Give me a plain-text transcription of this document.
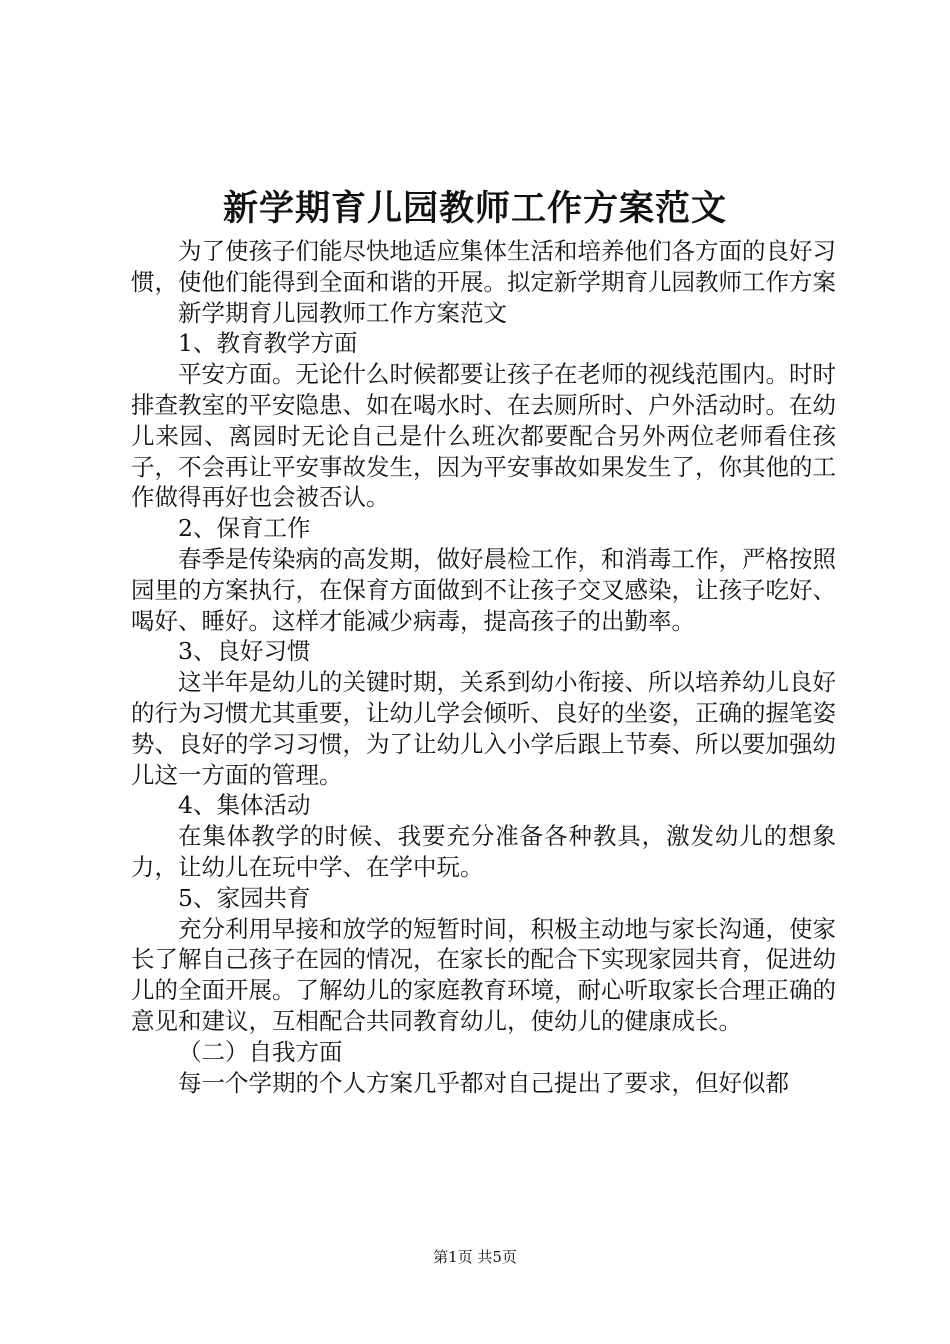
新学期育儿园教师工作方案范文

为了使孩子们能尽快地适应集体生活和培养他们各方面的良好习惯，使他们能得到全面和谐的开展。拟定新学期育儿园教师工作方案

新学期育儿园教师工作方案范文

1、教育教学方面

平安方面。无论什么时候都要让孩子在老师的视线范围内。时时排查教室的平安隐患、如在喝水时、在去厕所时、户外活动时。在幼儿来园、离园时无论自己是什么班次都要配合另外两位老师看住孩子，不会再让平安事故发生，因为平安事故如果发生了，你其他的工作做得再好也会被否认。

2、保育工作

春季是传染病的高发期，做好晨检工作，和消毒工作，严格按照园里的方案执行，在保育方面做到不让孩子交叉感染，让孩子吃好、喝好、睡好。这样才能减少病毒，提高孩子的出勤率。

3、良好习惯

这半年是幼儿的关键时期，关系到幼小衔接、所以培养幼儿良好的行为习惯尤其重要，让幼儿学会倾听、良好的坐姿，正确的握笔姿势、良好的学习习惯，为了让幼儿入小学后跟上节奏、所以要加强幼儿这一方面的管理。

4、集体活动

在集体教学的时候、我要充分准备各种教具，激发幼儿的想象力，让幼儿在玩中学、在学中玩。

5、家园共育

充分利用早接和放学的短暂时间，积极主动地与家长沟通，使家长了解自己孩子在园的情况，在家长的配合下实现家园共育，促进幼儿的全面开展。了解幼儿的家庭教育环境，耐心听取家长合理正确的意见和建议，互相配合共同教育幼儿，使幼儿的健康成长。

（二）自我方面

每一个学期的个人方案几乎都对自己提出了要求，但好似都

第1页 共5页
